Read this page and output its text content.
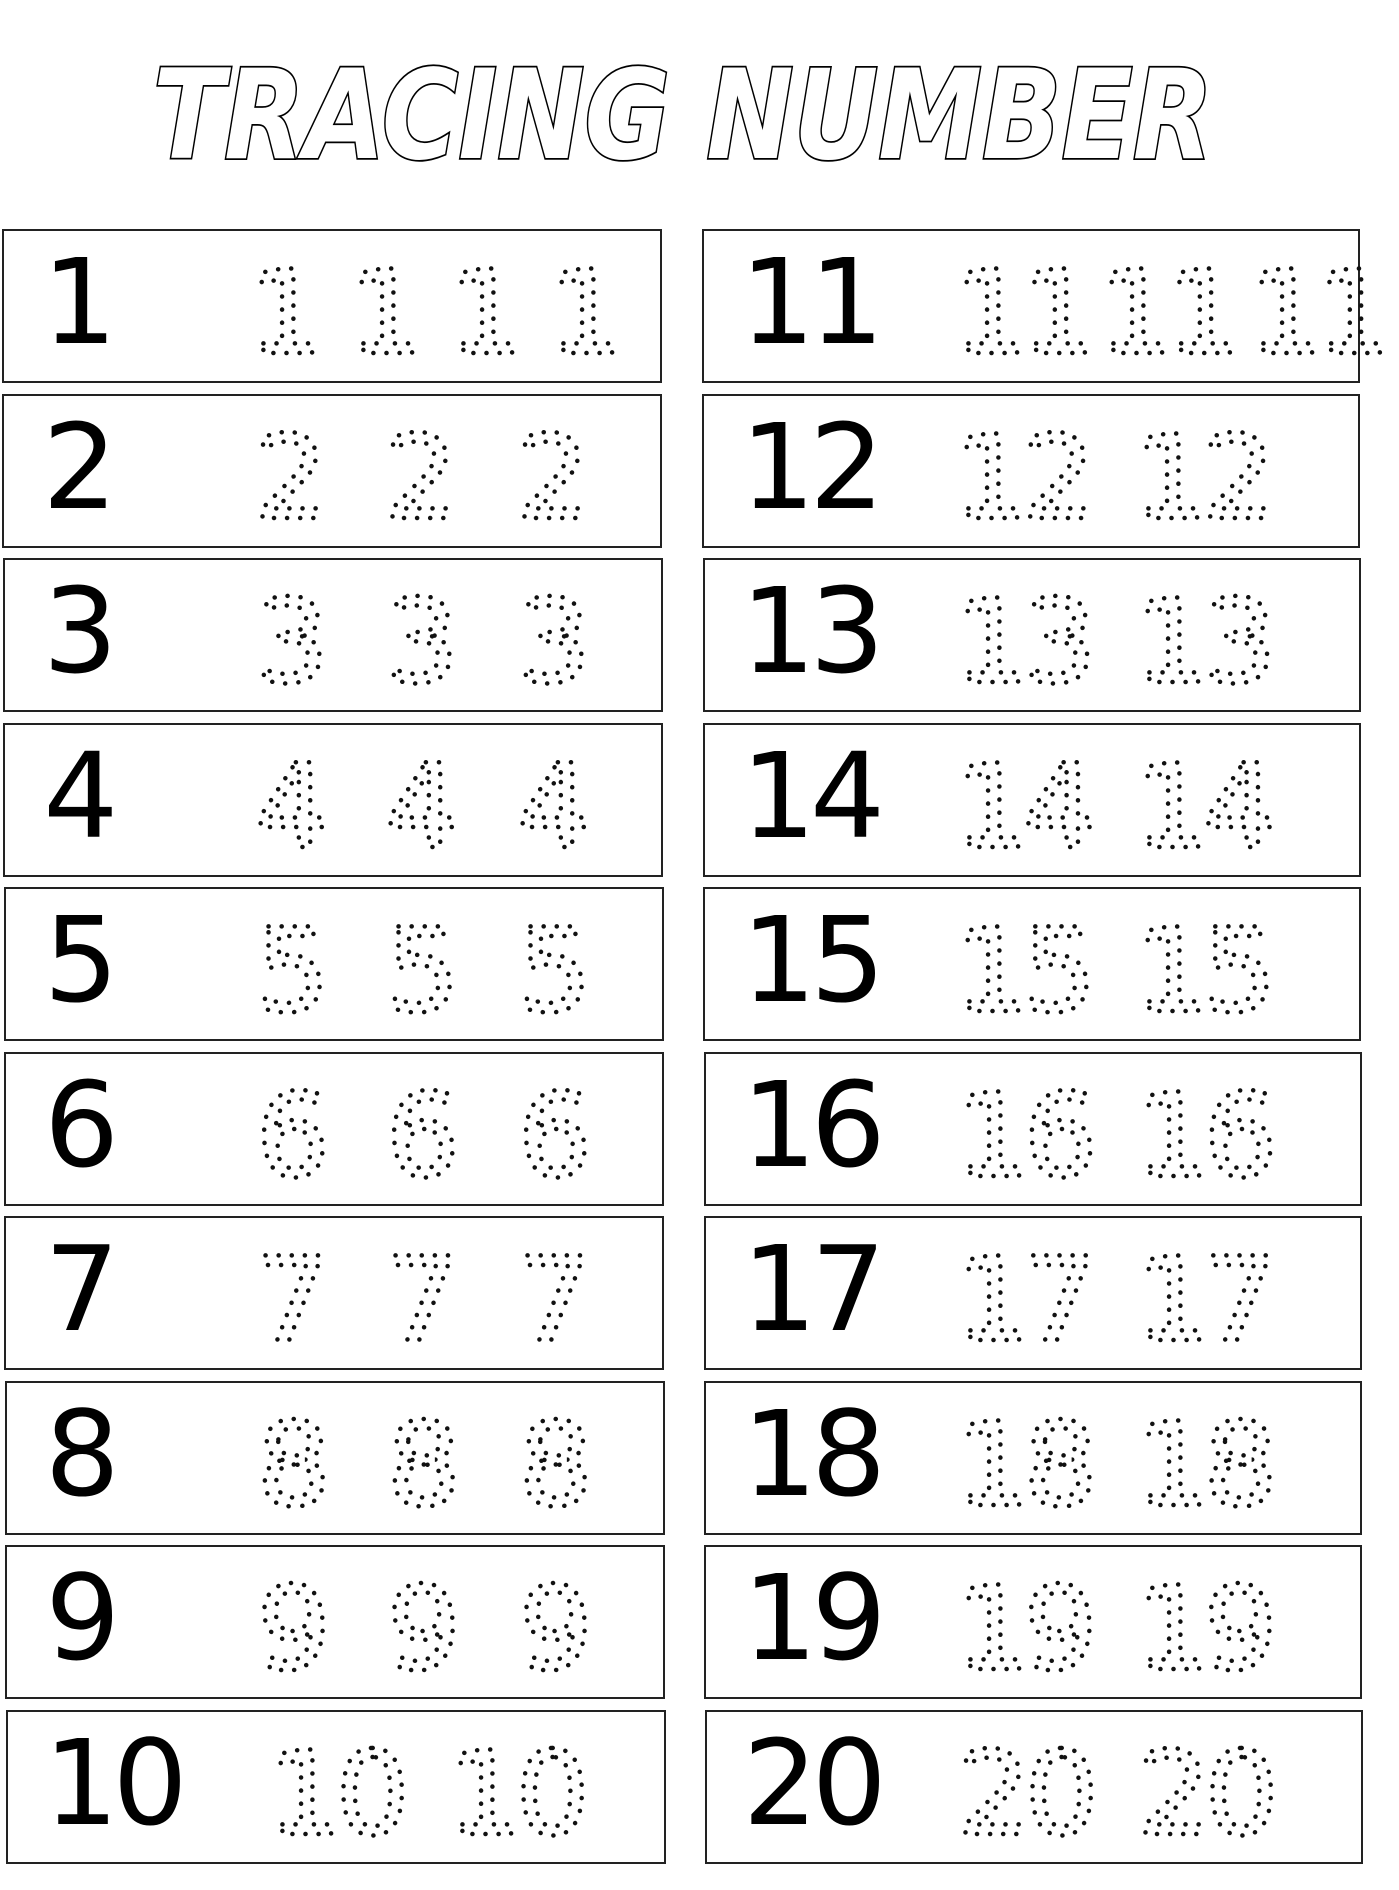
TRACING NUMBER
1 1 1 1 1
2 2 2 2
3 3 3 3
4 4 4 4
5 5 5 5
6 6 6 6
7 7 7 7
8 8 8 8
9 9 9 9
10 10 10
11 11 11 11
12 12 12
13 13 13
14 14 14
15 15 15
16 16 16
17 17 17
18 18 18
19 19 19
20 20 20
